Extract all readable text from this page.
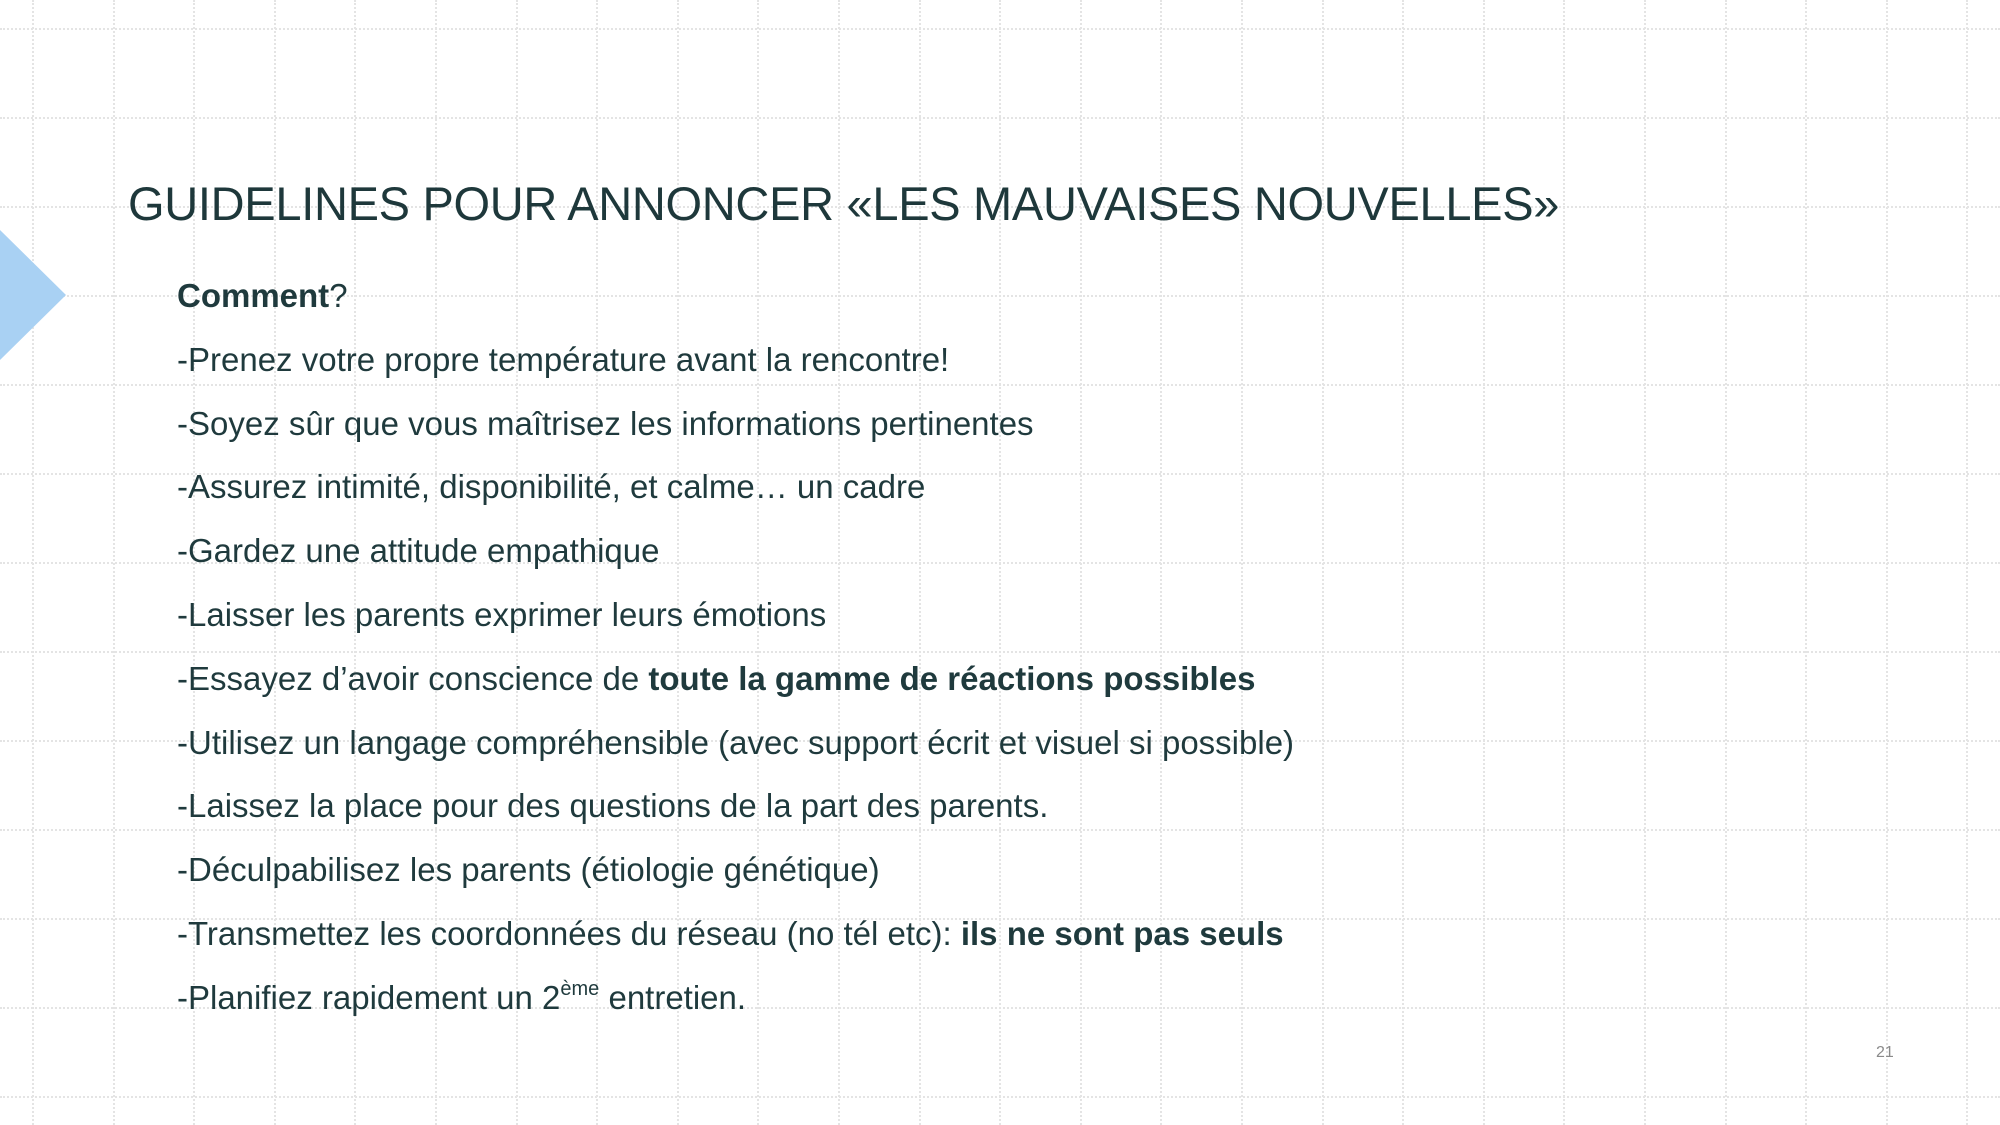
GUIDELINES POUR ANNONCER «LES MAUVAISES NOUVELLES»
Comment?
-Prenez votre propre température avant la rencontre!
-Soyez sûr que vous maîtrisez les informations pertinentes
-Assurez intimité, disponibilité, et calme… un cadre
-Gardez une attitude empathique
-Laisser les parents exprimer leurs émotions
-Essayez d’avoir conscience de toute la gamme de réactions possibles
-Utilisez un langage compréhensible (avec support écrit et visuel si possible)
-Laissez la place pour des questions de la part des parents.
-Déculpabilisez les parents (étiologie génétique)
-Transmettez les coordonnées du réseau (no tél etc): ils ne sont pas seuls
-Planifiez rapidement un 2ème entretien.
21
